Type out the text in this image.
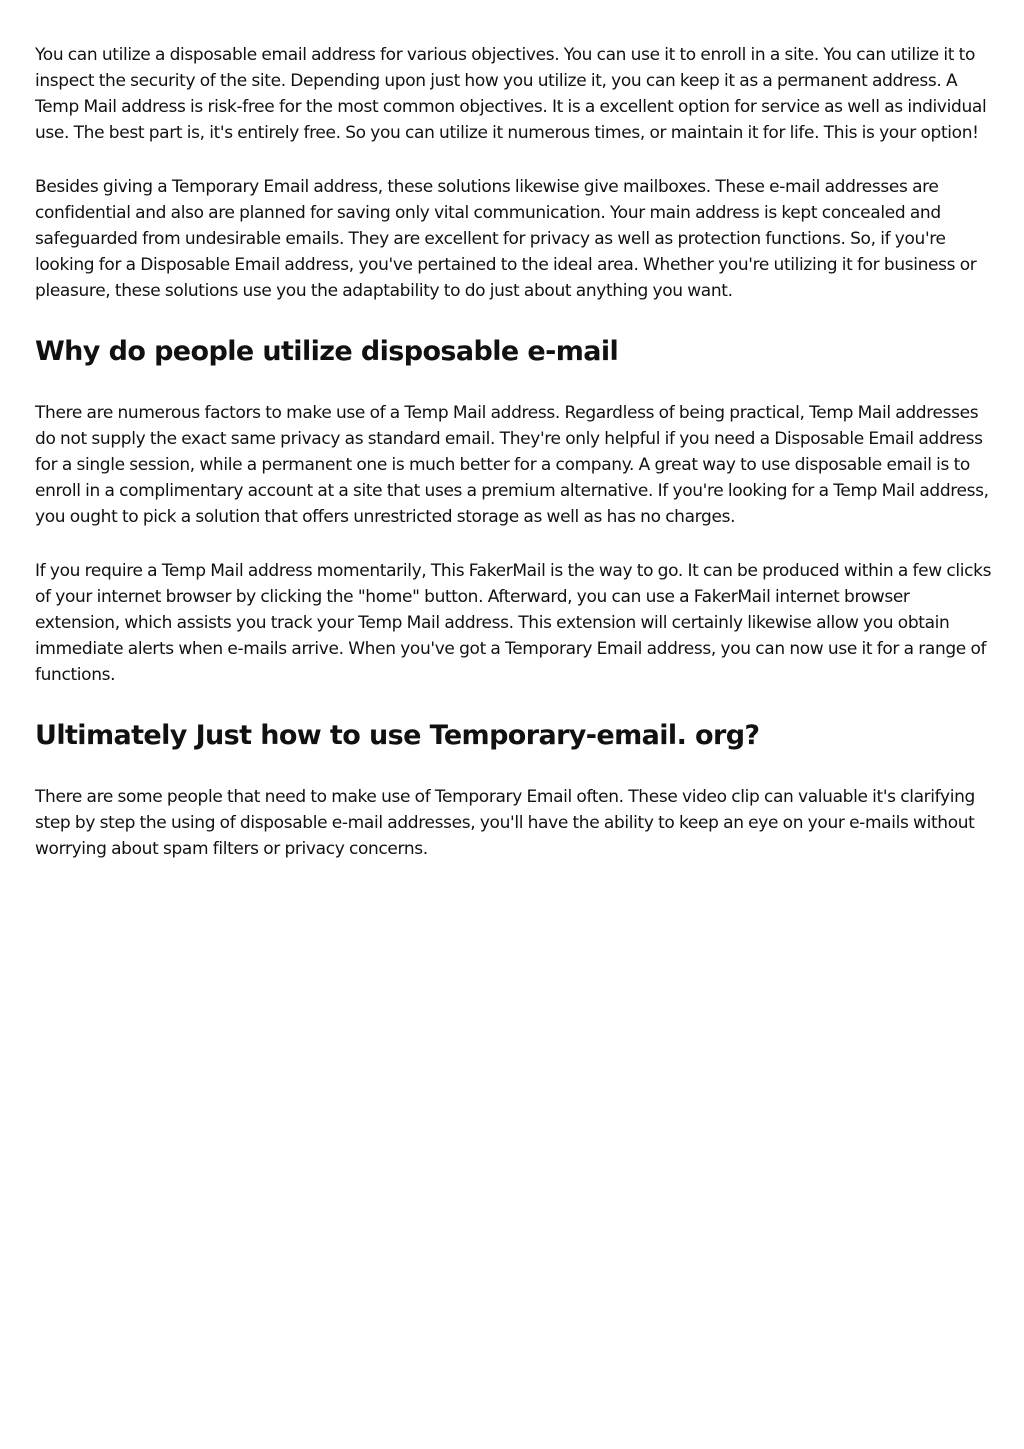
You can utilize a disposable email address for various objectives. You can use it to enroll in a site. You can utilize it to inspect the security of the site. Depending upon just how you utilize it, you can keep it as a permanent address. A Temp Mail address is risk-free for the most common objectives. It is a excellent option for service as well as individual use. The best part is, it's entirely free. So you can utilize it numerous times, or maintain it for life. This is your option!

Besides giving a Temporary Email address, these solutions likewise give mailboxes. These e-mail addresses are confidential and also are planned for saving only vital communication. Your main address is kept concealed and safeguarded from undesirable emails. They are excellent for privacy as well as protection functions. So, if you're looking for a Disposable Email address, you've pertained to the ideal area. Whether you're utilizing it for business or pleasure, these solutions use you the adaptability to do just about anything you want.

Why do people utilize disposable e-mail

There are numerous factors to make use of a Temp Mail address. Regardless of being practical, Temp Mail addresses do not supply the exact same privacy as standard email. They're only helpful if you need a Disposable Email address for a single session, while a permanent one is much better for a company. A great way to use disposable email is to enroll in a complimentary account at a site that uses a premium alternative. If you're looking for a Temp Mail address, you ought to pick a solution that offers unrestricted storage as well as has no charges.

If you require a Temp Mail address momentarily, This FakerMail is the way to go. It can be produced within a few clicks of your internet browser by clicking the "home" button. Afterward, you can use a FakerMail internet browser extension, which assists you track your Temp Mail address. This extension will certainly likewise allow you obtain immediate alerts when e-mails arrive. When you've got a Temporary Email address, you can now use it for a range of functions.

Ultimately Just how to use Temporary-email. org?

There are some people that need to make use of Temporary Email often. These video clip can valuable it's clarifying step by step the using of disposable e-mail addresses, you'll have the ability to keep an eye on your e-mails without worrying about spam filters or privacy concerns.
